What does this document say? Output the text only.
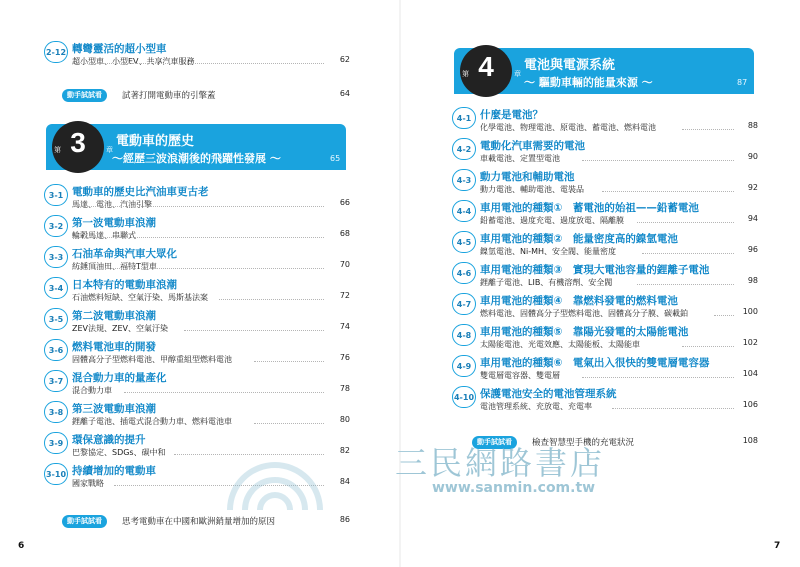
2-12 轉彎靈活的超小型車
超小型車、小型EV、共享汽車服務	62
動手試試看	試著打開電動車的引擎蓋	64
3
第	章
電動車的歷史
～經歷三波浪潮後的飛躍性發展 ～	65
3-1 電動車的歷史比汽油車更古老
馬達、電池、汽油引擎	66
3-2 第一波電動車浪潮
輪轂馬達、串聯式	68
3-3 石油革命與汽車大眾化
紡錘頂油田、福特T型車	70
3-4 日本特有的電動車浪潮
石油燃料短缺、空氣汙染、馬斯基法案	72
3-5 第二波電動車浪潮
ZEV法規、ZEV、空氣汙染	74
3-6 燃料電池車的開發
固體高分子型燃料電池、甲醇重組型燃料電池	76
3-7 混合動力車的量產化
混合動力車	78
3-8 第三波電動車浪潮
鋰離子電池、插電式混合動力車、燃料電池車	80
3-9 環保意識的提升
巴黎協定、SDGs、碳中和	82
3-10 持續增加的電動車
國家戰略	84
動手試試看	思考電動車在中國和歐洲銷量增加的原因	86
6
4
第	章
電池與電源系統
～ 驅動車輛的能量來源 ～	87
4-1 什麼是電池？
化學電池、物理電池、原電池、蓄電池、燃料電池	88
4-2 電動化汽車需要的電池
車載電池、定置型電池	90
4-3 動力電池和輔助電池
動力電池、輔助電池、電裝品	92
4-4 車用電池的種類①　蓄電池的始祖——鉛蓄電池
鉛蓄電池、過度充電、過度放電、隔離膜	94
4-5 車用電池的種類②　能量密度高的鎳氫電池
鎳氫電池、Ni-MH、安全閥、能量密度	96
4-6 車用電池的種類③　實現大電池容量的鋰離子電池
鋰離子電池、LIB、有機溶劑、安全閥	98
4-7 車用電池的種類④　靠燃料發電的燃料電池
燃料電池、固體高分子型燃料電池、固體高分子膜、碳載鉑	100
4-8 車用電池的種類⑤　靠陽光發電的太陽能電池
太陽能電池、光電效應、太陽能板、太陽能車	102
4-9 車用電池的種類⑥　電氣出入很快的雙電層電容器
雙電層電容器、雙電層	104
4-10 保護電池安全的電池管理系統
電池管理系統、充放電、充電率	106
動手試試看	檢查智慧型手機的充電狀況	108
7
三民網路書店
www.sanmin.com.tw
